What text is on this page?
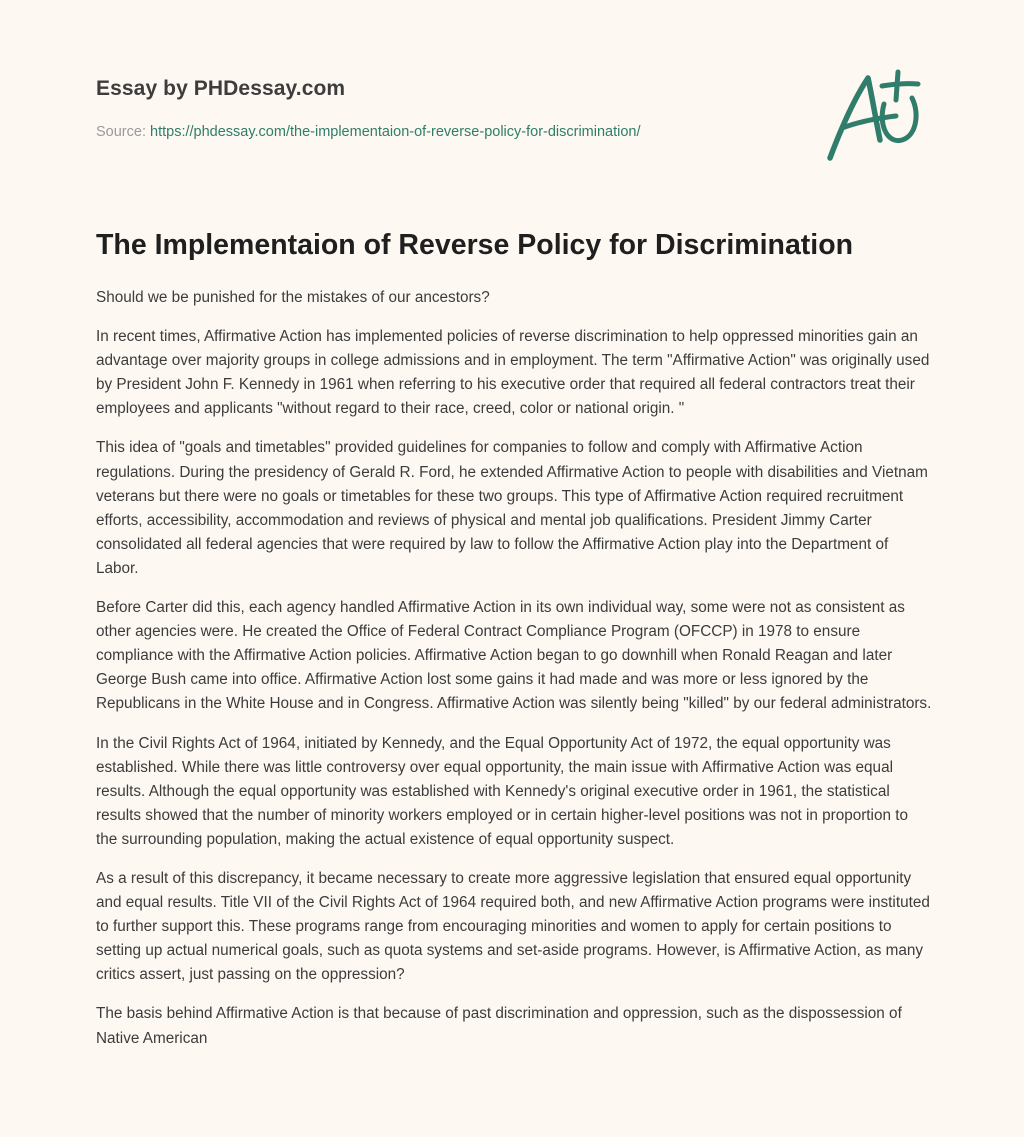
Essay by PHDessay.com
Source: https://phdessay.com/the-implementaion-of-reverse-policy-for-discrimination/
The Implementaion of Reverse Policy for Discrimination

Should we be punished for the mistakes of our ancestors?

In recent times, Affirmative Action has implemented policies of reverse discrimination to help oppressed minorities gain an advantage over majority groups in college admissions and in employment. The term "Affirmative Action" was originally used by President John F. Kennedy in 1961 when referring to his executive order that required all federal contractors treat their employees and applicants "without regard to their race, creed, color or national origin. "

This idea of "goals and timetables" provided guidelines for companies to follow and comply with Affirmative Action regulations. During the presidency of Gerald R. Ford, he extended Affirmative Action to people with disabilities and Vietnam veterans but there were no goals or timetables for these two groups. This type of Affirmative Action required recruitment efforts, accessibility, accommodation and reviews of physical and mental job qualifications. President Jimmy Carter consolidated all federal agencies that were required by law to follow the Affirmative Action play into the Department of Labor.

Before Carter did this, each agency handled Affirmative Action in its own individual way, some were not as consistent as other agencies were. He created the Office of Federal Contract Compliance Program (OFCCP) in 1978 to ensure compliance with the Affirmative Action policies. Affirmative Action began to go downhill when Ronald Reagan and later George Bush came into office. Affirmative Action lost some gains it had made and was more or less ignored by the Republicans in the White House and in Congress. Affirmative Action was silently being "killed" by our federal administrators.

In the Civil Rights Act of 1964, initiated by Kennedy, and the Equal Opportunity Act of 1972, the equal opportunity was established. While there was little controversy over equal opportunity, the main issue with Affirmative Action was equal results. Although the equal opportunity was established with Kennedy's original executive order in 1961, the statistical results showed that the number of minority workers employed or in certain higher-level positions was not in proportion to the surrounding population, making the actual existence of equal opportunity suspect.

As a result of this discrepancy, it became necessary to create more aggressive legislation that ensured equal opportunity and equal results. Title VII of the Civil Rights Act of 1964 required both, and new Affirmative Action programs were instituted to further support this. These programs range from encouraging minorities and women to apply for certain positions to setting up actual numerical goals, such as quota systems and set-aside programs. However, is Affirmative Action, as many critics assert, just passing on the oppression?

The basis behind Affirmative Action is that because of past discrimination and oppression, such as the dispossession of Native American
